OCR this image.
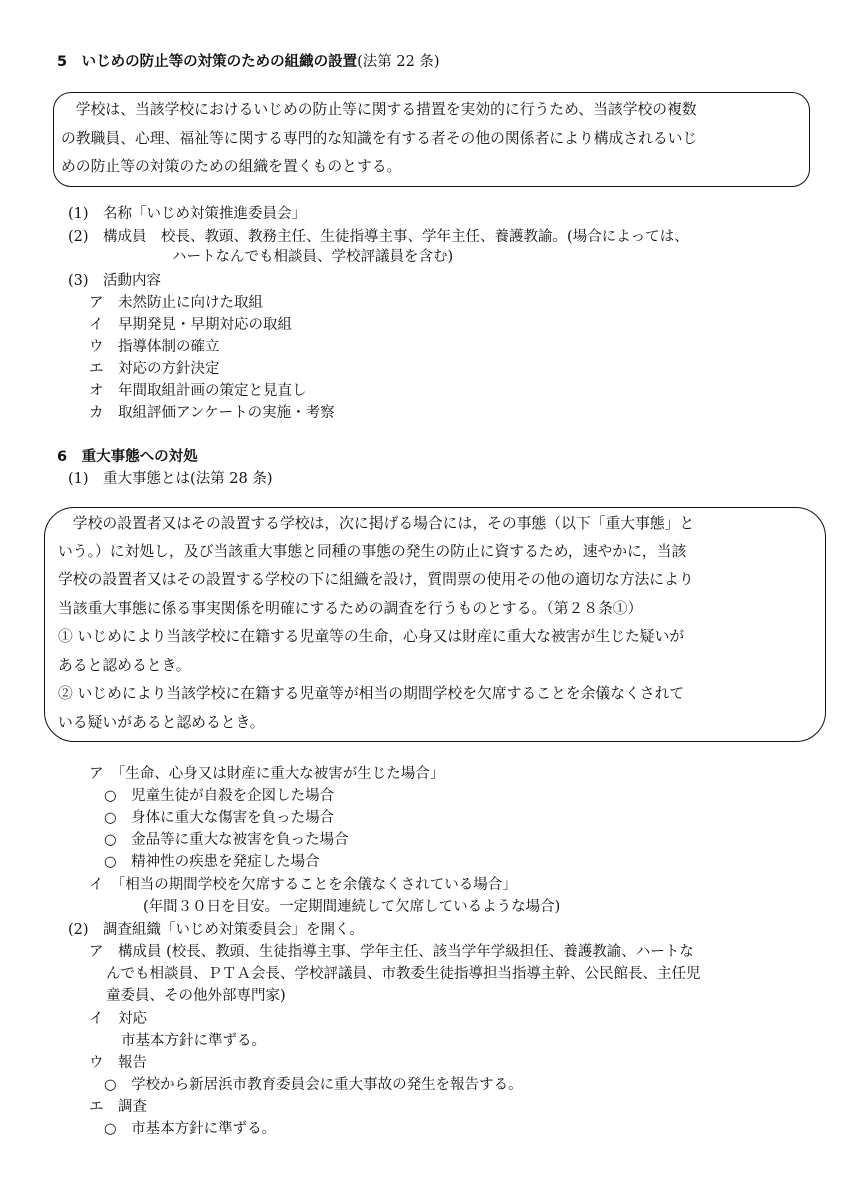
5　いじめの防止等の対策のための組織の設置(法第 22 条)
　学校は、当該学校におけるいじめの防止等に関する措置を実効的に行うため、当該学校の複数
の教職員、心理、福祉等に関する専門的な知識を有する者その他の関係者により構成されるいじ
めの防止等の対策のための組織を置くものとする。
(1)　名称「いじめ対策推進委員会」
(2)　構成員　校長、教頭、教務主任、生徒指導主事、学年主任、養護教諭。(場合によっては、
ハートなんでも相談員、学校評議員を含む)
(3)　活動内容
ア　未然防止に向けた取組
イ　早期発見・早期対応の取組
ウ　指導体制の確立
エ　対応の方針決定
オ　年間取組計画の策定と見直し
カ　取組評価アンケートの実施・考察
6　重大事態への対処
(1)　重大事態とは(法第 28 条)
　学校の設置者又はその設置する学校は，次に掲げる場合には，その事態（以下「重大事態」と
いう。）に対処し，及び当該重大事態と同種の事態の発生の防止に資するため，速やかに，当該
学校の設置者又はその設置する学校の下に組織を設け，質問票の使用その他の適切な方法により
当該重大事態に係る事実関係を明確にするための調査を行うものとする。（第２８条①）
① いじめにより当該学校に在籍する児童等の生命，心身又は財産に重大な被害が生じた疑いが
あると認めるとき。
② いじめにより当該学校に在籍する児童等が相当の期間学校を欠席することを余儀なくされて
いる疑いがあると認めるとき。
ア　「生命、心身又は財産に重大な被害が生じた場合」
○　児童生徒が自殺を企図した場合
○　身体に重大な傷害を負った場合
○　金品等に重大な被害を負った場合
○　精神性の疾患を発症した場合
イ　「相当の期間学校を欠席することを余儀なくされている場合」
(年間３０日を目安。一定期間連続して欠席しているような場合)
(2)　調査組織「いじめ対策委員会」を開く。
ア　構成員 (校長、教頭、生徒指導主事、学年主任、該当学年学級担任、養護教諭、ハートな
んでも相談員、ＰＴＡ会長、学校評議員、市教委生徒指導担当指導主幹、公民館長、主任児
童委員、その他外部専門家)
イ　対応
市基本方針に準ずる。
ウ　報告
○　学校から新居浜市教育委員会に重大事故の発生を報告する。
エ　調査
○　市基本方針に準ずる。
